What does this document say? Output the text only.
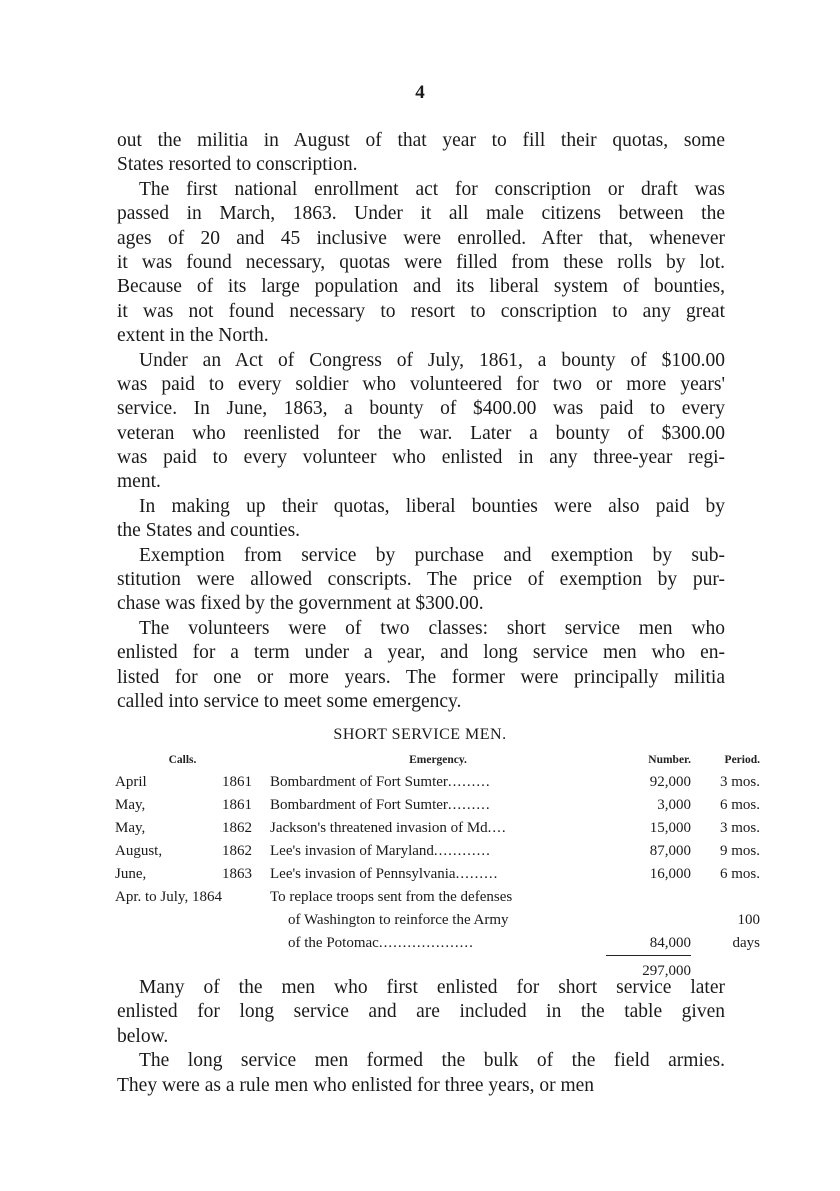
4
out the militia in August of that year to fill their quotas, some
States resorted to conscription.
The first national enrollment act for conscription or draft was
passed in March, 1863. Under it all male citizens between the
ages of 20 and 45 inclusive were enrolled. After that, whenever
it was found necessary, quotas were filled from these rolls by lot.
Because of its large population and its liberal system of bounties,
it was not found necessary to resort to conscription to any great
extent in the North.
Under an Act of Congress of July, 1861, a bounty of $100.00
was paid to every soldier who volunteered for two or more years'
service. In June, 1863, a bounty of $400.00 was paid to every
veteran who reenlisted for the war. Later a bounty of $300.00
was paid to every volunteer who enlisted in any three-year regi-
ment.
In making up their quotas, liberal bounties were also paid by
the States and counties.
Exemption from service by purchase and exemption by sub-
stitution were allowed conscripts. The price of exemption by pur-
chase was fixed by the government at $300.00.
The volunteers were of two classes: short service men who
enlisted for a term under a year, and long service men who en-
listed for one or more years. The former were principally militia
called into service to meet some emergency.
SHORT SERVICE MEN.
Calls.		Emergency.	Number.	Period.
April	1861	Bombardment of Fort Sumter.........	92,000	3 mos.
May,	1861	Bombardment of Fort Sumter.........	3,000	6 mos.
May,	1862	Jackson's threatened invasion of Md....	15,000	3 mos.
August,	1862	Lee's invasion of Maryland............	87,000	9 mos.
June,	1863	Lee's invasion of Pennsylvania.........	16,000	6 mos.
Apr. to July, 1864		To replace troops sent from the defenses		
		of Washington to reinforce the Army		100
		of the Potomac....................	84,000	days
			297,000	
Many of the men who first enlisted for short service later
enlisted for long service and are included in the table given
below.
The long service men formed the bulk of the field armies.
They were as a rule men who enlisted for three years, or men
